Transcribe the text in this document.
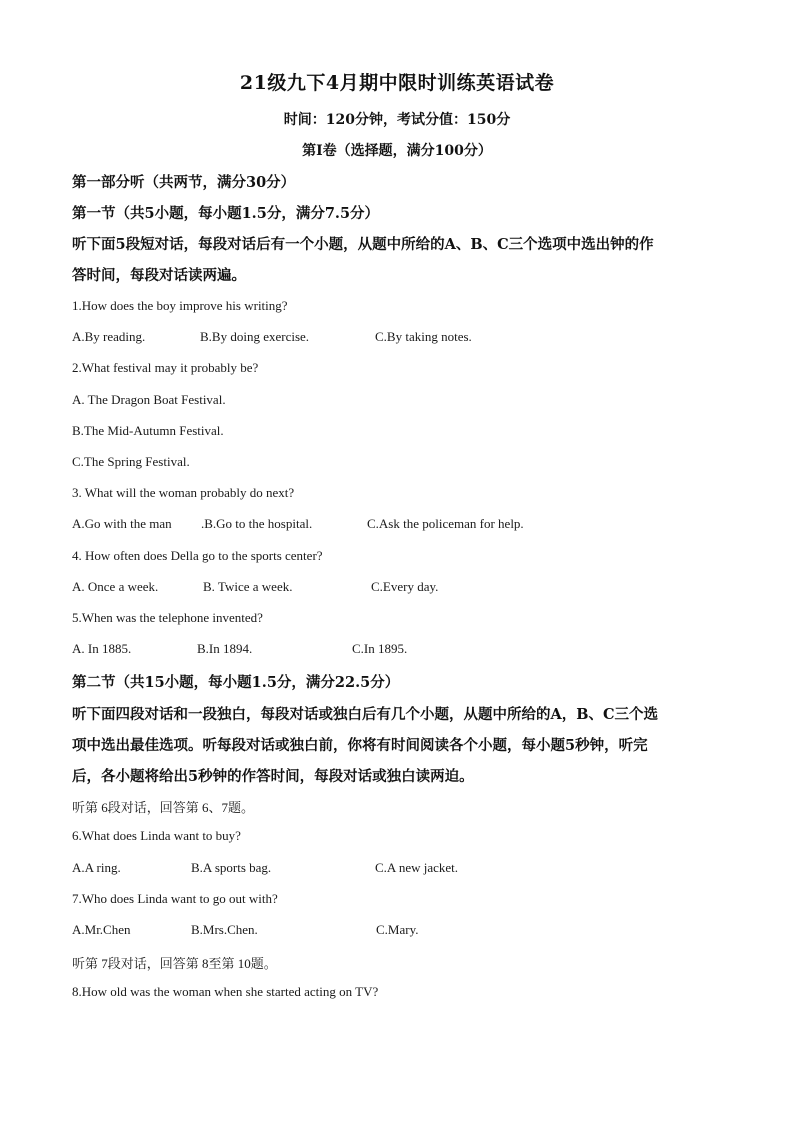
21级九下4月期中限时训练英语试卷
时间：120分钟，考试分值：150分
第I卷（选择题，满分100分）
第一部分听（共两节，满分30分）
第一节（共5小题，每小题1.5分，满分7.5分）
听下面5段短对话，每段对话后有一个小题，从题中所给的A、B、C三个选项中选出钟的作
答时间，每段对话读两遍。
1.How does the boy improve his writing?
A.By reading.	B.By doing exercise.	C.By taking notes.
2.What festival may it probably be?
A. The Dragon Boat Festival.
B.The Mid-Autumn Festival.
C.The Spring Festival.
3. What will the woman probably do next?
A.Go with the man .B.Go to the hospital.	C.Ask the policeman for help.
4. How often does Della go to the sports center?
A. Once a week.	B. Twice a week.	C.Every day.
5.When was the telephone invented?
A. In 1885.	B.In 1894.	C.In 1895.
第二节（共15小题，每小题1.5分，满分22.5分）
听下面四段对话和一段独白，每段对话或独白后有几个小题，从题中所给的A，B、C三个选
项中选出最佳选项。听每段对话或独白前，你将有时间阅读各个小题，每小题5秒钟，听完
后，各小题将给出5秒钟的作答时间，每段对话或独白读两迫。
听第 6段对话，回答第 6、7题。
6.What does Linda want to buy?
A.A ring.	B.A sports bag.	C.A new jacket.
7.Who does Linda want to go out with?
A.Mr.Chen	B.Mrs.Chen.	C.Mary.
听第 7段对话，回答第 8至第 10题。
8.How old was the woman when she started acting on TV?
